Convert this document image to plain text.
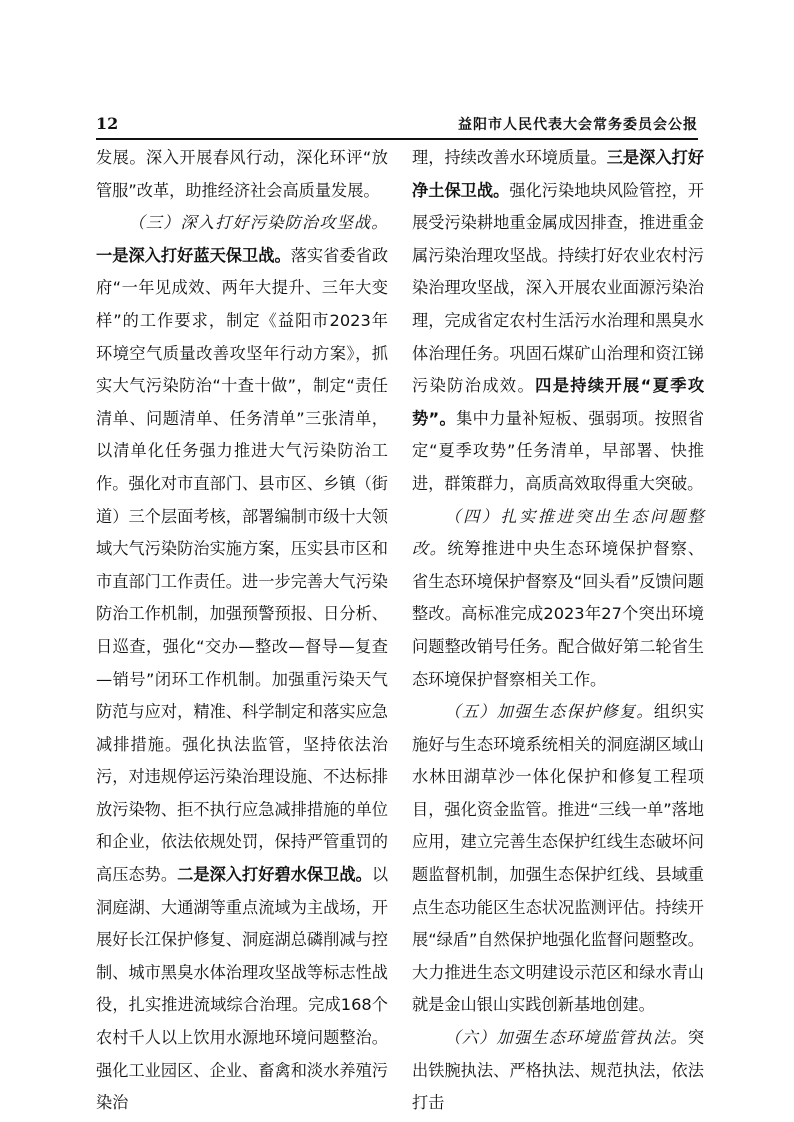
12	益阳市人民代表大会常务委员会公报

发展。深入开展春风行动，深化环评“放管服”改革，助推经济社会高质量发展。

（三）深入打好污染防治攻坚战。一是深入打好蓝天保卫战。落实省委省政府“一年见成效、两年大提升、三年大变样”的工作要求，制定《益阳市2023年环境空气质量改善攻坚年行动方案》，抓实大气污染防治“十查十做”，制定“责任清单、问题清单、任务清单”三张清单，以清单化任务强力推进大气污染防治工作。强化对市直部门、县市区、乡镇（街道）三个层面考核，部署编制市级十大领域大气污染防治实施方案，压实县市区和市直部门工作责任。进一步完善大气污染防治工作机制，加强预警预报、日分析、日巡查，强化“交办—整改—督导—复查—销号”闭环工作机制。加强重污染天气防范与应对，精准、科学制定和落实应急减排措施。强化执法监管，坚持依法治污，对违规停运污染治理设施、不达标排放污染物、拒不执行应急减排措施的单位和企业，依法依规处罚，保持严管重罚的高压态势。二是深入打好碧水保卫战。以洞庭湖、大通湖等重点流域为主战场，开展好长江保护修复、洞庭湖总磷削减与控制、城市黑臭水体治理攻坚战等标志性战役，扎实推进流域综合治理。完成168个农村千人以上饮用水源地环境问题整治。强化工业园区、企业、畜禽和淡水养殖污染治

理，持续改善水环境质量。三是深入打好净土保卫战。强化污染地块风险管控，开展受污染耕地重金属成因排查，推进重金属污染治理攻坚战。持续打好农业农村污染治理攻坚战，深入开展农业面源污染治理，完成省定农村生活污水治理和黑臭水体治理任务。巩固石煤矿山治理和资江锑污染防治成效。四是持续开展“夏季攻势”。集中力量补短板、强弱项。按照省定“夏季攻势”任务清单，早部署、快推进，群策群力，高质高效取得重大突破。

（四）扎实推进突出生态问题整改。统筹推进中央生态环境保护督察、省生态环境保护督察及“回头看”反馈问题整改。高标准完成2023年27个突出环境问题整改销号任务。配合做好第二轮省生态环境保护督察相关工作。

（五）加强生态保护修复。组织实施好与生态环境系统相关的洞庭湖区域山水林田湖草沙一体化保护和修复工程项目，强化资金监管。推进“三线一单”落地应用，建立完善生态保护红线生态破坏问题监督机制，加强生态保护红线、县域重点生态功能区生态状况监测评估。持续开展“绿盾”自然保护地强化监督问题整改。大力推进生态文明建设示范区和绿水青山就是金山银山实践创新基地创建。

（六）加强生态环境监管执法。突出铁腕执法、严格执法、规范执法，依法打击
